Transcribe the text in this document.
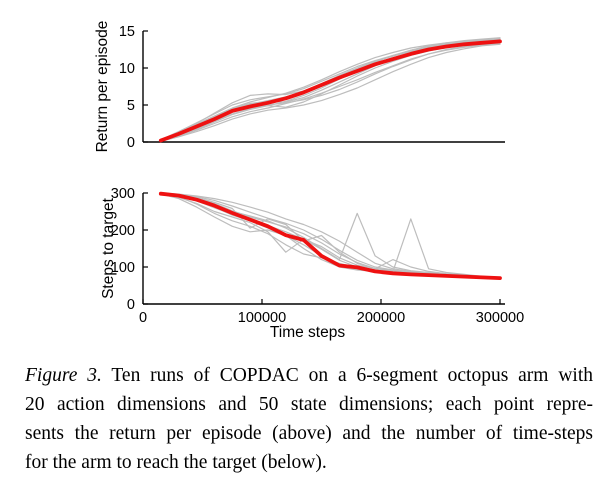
0
5
10
15
Return per episode
0
100
200
300
0	100000	200000	300000
Steps to target
Time steps
Figure 3. Ten runs of COPDAC on a 6-segment octopus arm with
20 action dimensions and 50 state dimensions; each point repre-
sents the return per episode (above) and the number of time-steps
for the arm to reach the target (below).
